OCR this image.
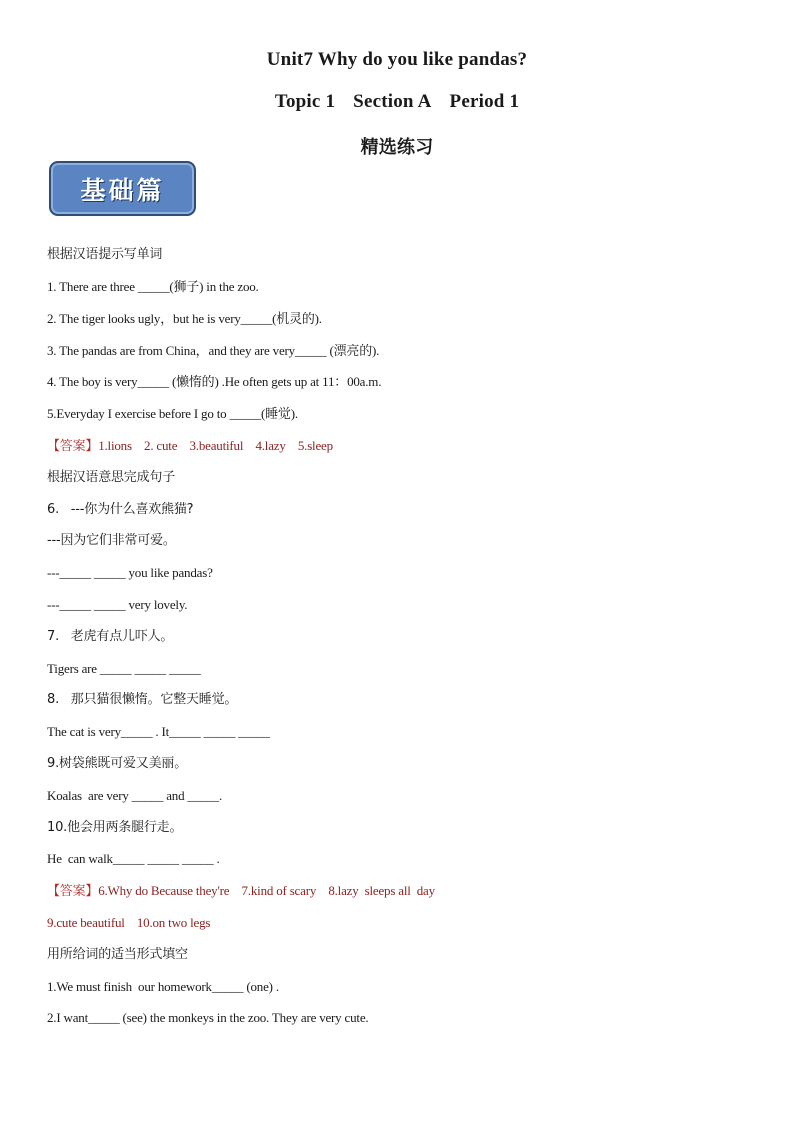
Unit7 Why do you like pandas?
Topic 1 Section A Period 1
精选练习
基础篇
根据汉语提示写单词
1. There are three _____(狮子) in the zoo.
2. The tiger looks ugly，but he is very_____(机灵的).
3. The pandas are from China，and they are very_____ (漂亮的).
4. The boy is very_____ (懒惰的) .He often gets up at 11：00a.m.
5.Everyday I exercise before I go to _____(睡觉).
【答案】1.lions    2. cute    3.beautiful    4.lazy    5.sleep
根据汉语意思完成句子
6.   ---你为什么喜欢熊猫?
---因为它们非常可爱。
---_____ _____ you like pandas?
---_____ _____ very lovely.
7.   老虎有点儿吓人。
Tigers are _____ _____ _____
8.   那只猫很懒惰。它整天睡觉。
The cat is very_____ . It_____ _____ _____
9.树袋熊既可爱又美丽。
Koalas  are very _____ and _____.
10.他会用两条腿行走。
He  can walk_____ _____ _____ .
【答案】6.Why do Because they're    7.kind of scary    8.lazy  sleeps all  day
9.cute beautiful    10.on two legs
用所给词的适当形式填空
1.We must finish  our homework_____ (one) .
2.I want_____ (see) the monkeys in the zoo. They are very cute.
